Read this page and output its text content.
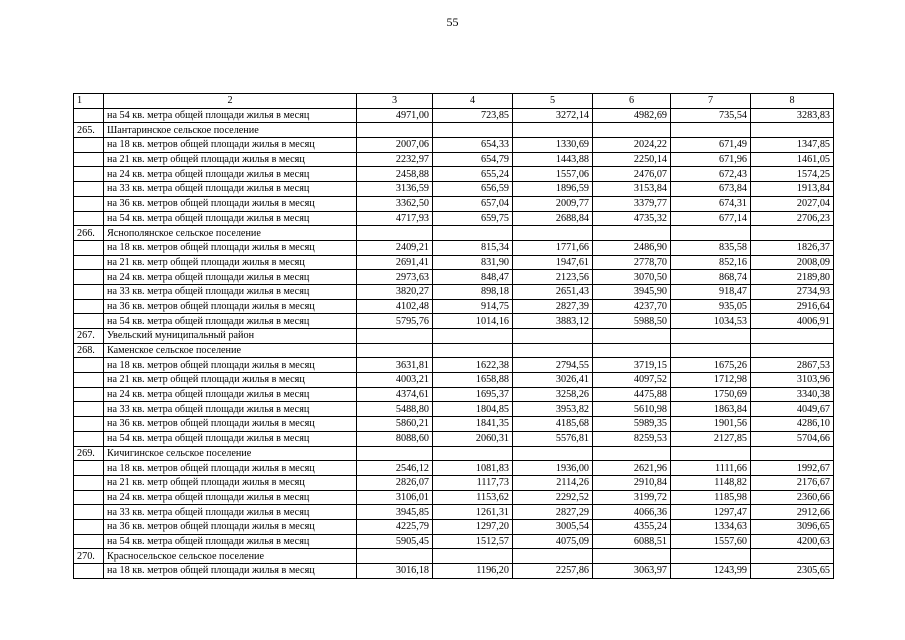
55
1	2	3	4	5	6	7	8
	на 54 кв. метра общей площади жилья в месяц	4971,00	723,85	3272,14	4982,69	735,54	3283,83
265.	Шантаринское сельское поселение						
	на 18 кв. метров общей площади жилья в месяц	2007,06	654,33	1330,69	2024,22	671,49	1347,85
	на 21 кв. метр общей площади жилья в месяц	2232,97	654,79	1443,88	2250,14	671,96	1461,05
	на 24 кв. метра общей площади жилья в месяц	2458,88	655,24	1557,06	2476,07	672,43	1574,25
	на 33 кв. метра общей площади жилья в месяц	3136,59	656,59	1896,59	3153,84	673,84	1913,84
	на 36 кв. метров общей площади жилья в месяц	3362,50	657,04	2009,77	3379,77	674,31	2027,04
	на 54 кв. метра общей площади жилья в месяц	4717,93	659,75	2688,84	4735,32	677,14	2706,23
266.	Яснополянское сельское поселение						
	на 18 кв. метров общей площади жилья в месяц	2409,21	815,34	1771,66	2486,90	835,58	1826,37
	на 21 кв. метр общей площади жилья в месяц	2691,41	831,90	1947,61	2778,70	852,16	2008,09
	на 24 кв. метра общей площади жилья в месяц	2973,63	848,47	2123,56	3070,50	868,74	2189,80
	на 33 кв. метра общей площади жилья в месяц	3820,27	898,18	2651,43	3945,90	918,47	2734,93
	на 36 кв. метров общей площади жилья в месяц	4102,48	914,75	2827,39	4237,70	935,05	2916,64
	на 54 кв. метра общей площади жилья в месяц	5795,76	1014,16	3883,12	5988,50	1034,53	4006,91
267.	Увельский муниципальный район						
268.	Каменское сельское поселение						
	на 18 кв. метров общей площади жилья в месяц	3631,81	1622,38	2794,55	3719,15	1675,26	2867,53
	на 21 кв. метр общей площади жилья в месяц	4003,21	1658,88	3026,41	4097,52	1712,98	3103,96
	на 24 кв. метра общей площади жилья в месяц	4374,61	1695,37	3258,26	4475,88	1750,69	3340,38
	на 33 кв. метра общей площади жилья в месяц	5488,80	1804,85	3953,82	5610,98	1863,84	4049,67
	на 36 кв. метров общей площади жилья в месяц	5860,21	1841,35	4185,68	5989,35	1901,56	4286,10
	на 54 кв. метра общей площади жилья в месяц	8088,60	2060,31	5576,81	8259,53	2127,85	5704,66
269.	Кичигинское сельское поселение						
	на 18 кв. метров общей площади жилья в месяц	2546,12	1081,83	1936,00	2621,96	1111,66	1992,67
	на 21 кв. метр общей площади жилья в месяц	2826,07	1117,73	2114,26	2910,84	1148,82	2176,67
	на 24 кв. метра общей площади жилья в месяц	3106,01	1153,62	2292,52	3199,72	1185,98	2360,66
	на 33 кв. метра общей площади жилья в месяц	3945,85	1261,31	2827,29	4066,36	1297,47	2912,66
	на 36 кв. метров общей площади жилья в месяц	4225,79	1297,20	3005,54	4355,24	1334,63	3096,65
	на 54 кв. метра общей площади жилья в месяц	5905,45	1512,57	4075,09	6088,51	1557,60	4200,63
270.	Красносельское сельское поселение						
	на 18 кв. метров общей площади жилья в месяц	3016,18	1196,20	2257,86	3063,97	1243,99	2305,65
